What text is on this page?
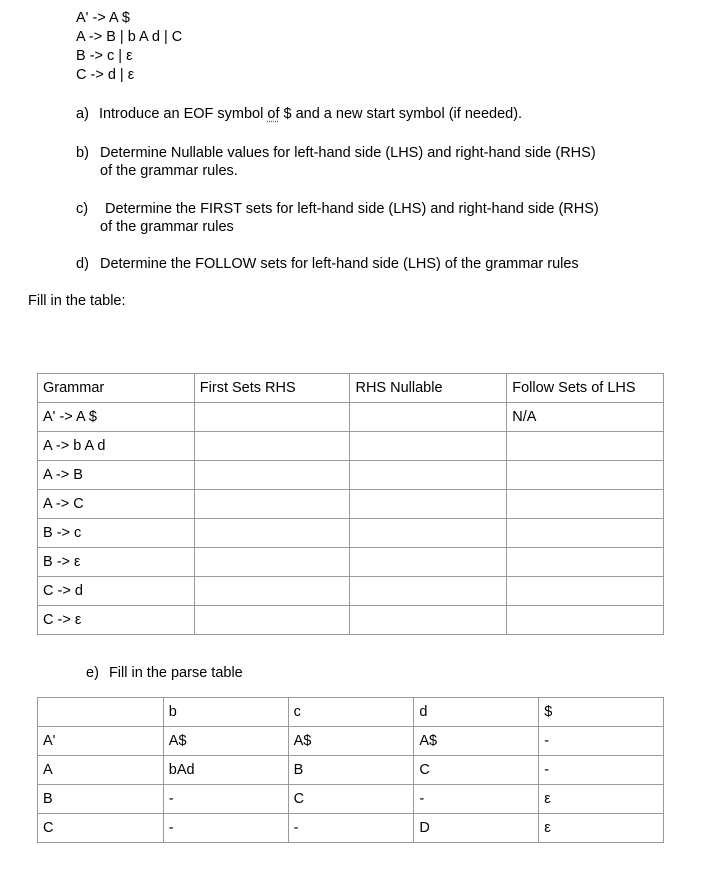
A' -> A $
A -> B | b A d | C
B -> c | ε
C -> d | ε
a) Introduce an EOF symbol of $ and a new start symbol (if needed).
b) Determine Nullable values for left-hand side (LHS) and right-hand side (RHS)
of the grammar rules.
c) Determine the FIRST sets for left-hand side (LHS) and right-hand side (RHS)
of the grammar rules
d) Determine the FOLLOW sets for left-hand side (LHS) of the grammar rules
Fill in the table:
Grammar	First Sets RHS	RHS Nullable	Follow Sets of LHS
A' -> A $			N/A
A -> b A d			
A -> B			
A -> C			
B -> c			
B -> ε			
C -> d			
C -> ε			
e) Fill in the parse table
	b	c	d	$
A'	A$	A$	A$	-
A	bAd	B	C	-
B	-	C	-	ε
C	-	-	D	ε
